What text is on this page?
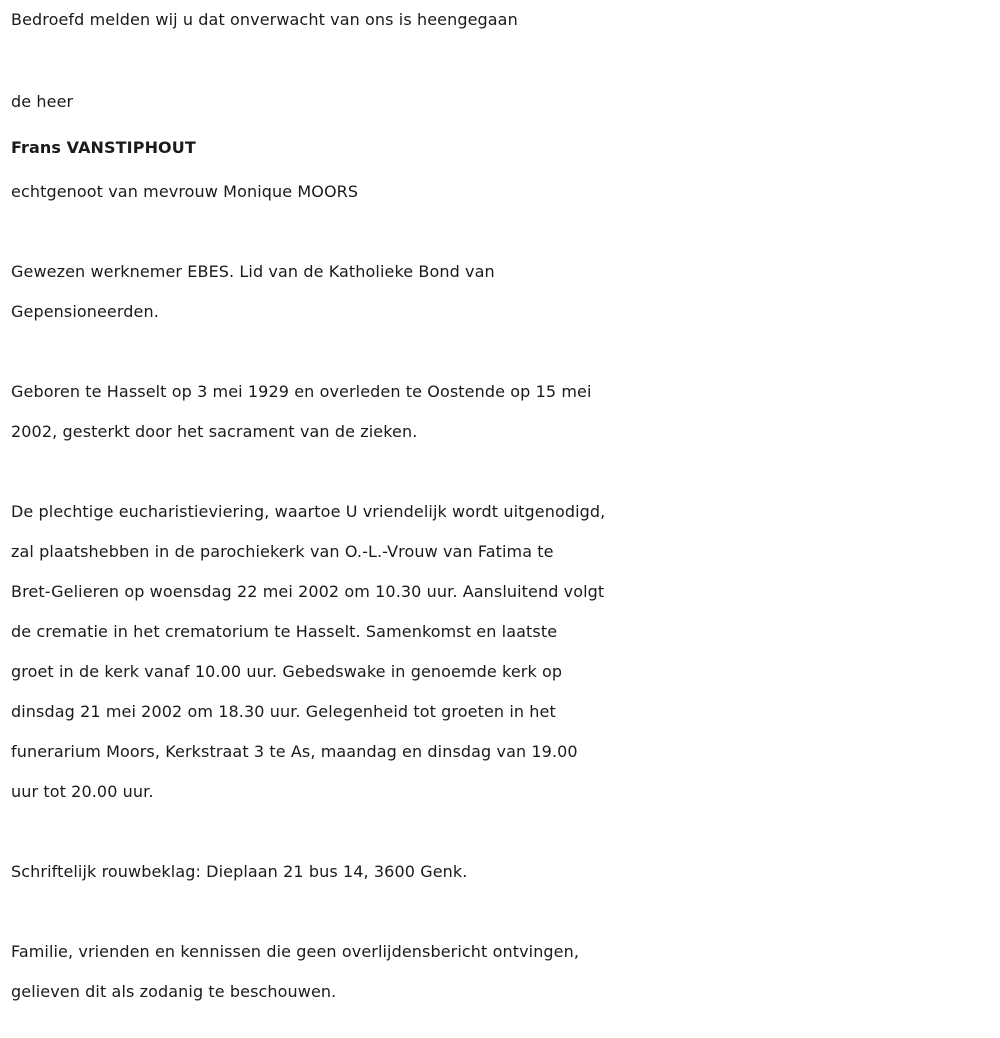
Bedroefd melden wij u dat onverwacht van ons is heengegaan
de heer
Frans VANSTIPHOUT
echtgenoot van mevrouw Monique MOORS
Gewezen werknemer EBES. Lid van de Katholieke Bond van
Gepensioneerden.
Geboren te Hasselt op 3 mei 1929 en overleden te Oostende op 15 mei
2002, gesterkt door het sacrament van de zieken.
De plechtige eucharistieviering, waartoe U vriendelijk wordt uitgenodigd,
zal plaatshebben in de parochiekerk van O.-L.-Vrouw van Fatima te
Bret-Gelieren op woensdag 22 mei 2002 om 10.30 uur. Aansluitend volgt
de crematie in het crematorium te Hasselt. Samenkomst en laatste
groet in de kerk vanaf 10.00 uur. Gebedswake in genoemde kerk op
dinsdag 21 mei 2002 om 18.30 uur. Gelegenheid tot groeten in het
funerarium Moors, Kerkstraat 3 te As, maandag en dinsdag van 19.00
uur tot 20.00 uur.
Schriftelijk rouwbeklag: Dieplaan 21 bus 14, 3600 Genk.
Familie, vrienden en kennissen die geen overlijdensbericht ontvingen,
gelieven dit als zodanig te beschouwen.
